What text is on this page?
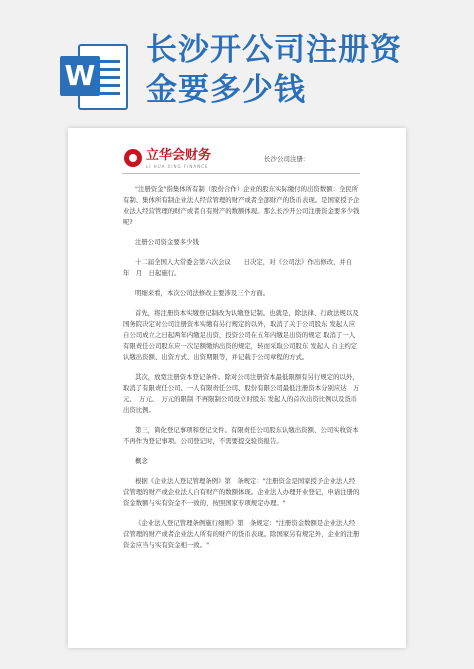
W
长沙开公司注册资
金要多少钱
立华会财务
LI HUA XING FINANCE
长沙公司注册:

"注册资金"指集体所有制（股份合作）企业的股东实际缴付的出资数额：全民所有制、集体所有制企业法人经营管理的财产或者全部财产的货币表现。是国家授予企业法人经营管理的财产或者自有财产的数额体现。那么长沙开公司注册资金要多少钱呢?

注册公司资金要多少钱

十二届全国人大常委会第六次会议　　日决定，对《公司法》作出修改，并自　　年　月　日起施行。

明细来看，本次公司法修改主要涉及三个方面。

首先，将注册资本实缴登记制改为认缴登记制。也就是，除法律、行政法规以及国务院决定对公司注册资本实缴有另行规定的以外，取消了关于公司股东 发起人应自公司成立之日起两年内缴足出资，投资公司在五年内缴足出资的规定 取消了一人有限责任公司股东应一次足额缴纳出资的规定，转而采取公司股东 发起人 自主约定认缴出资额、出资方式、出资期限等，并记载于公司章程的方式。

其次，放宽注册资本登记条件。除对公司注册资本最低限额有另行规定的以外，取消了有限责任公司、一人有限责任公司、股份有限公司最低注册资本分别应达　万元、　万元、　万元的限制 不再限制公司设立时股东 发起人的首次出资比例以及货币出资比例。

第三，简化登记事项和登记文件。有限责任公司股东认缴出资额、公司实收资本不再作为登记事项。公司登记时，不需要提交验资报告。

概念

根据《企业法人登记管理条例》第　条规定："注册资金是国家授予企业法人经营管理的财产或企业法人自有财产的数额体现。企业法人办理开业登记，申请注册的资金数额与实有资金不一致的，按照国家专项规定办理。"

《企业法人登记管理条例施行细则》第　条规定："注册资金数额是企业法人经营管理的财产或者企业法人所有的财产的货币表现。除国家另有规定外，企业的注册资金应当与实有资金相一致。"
